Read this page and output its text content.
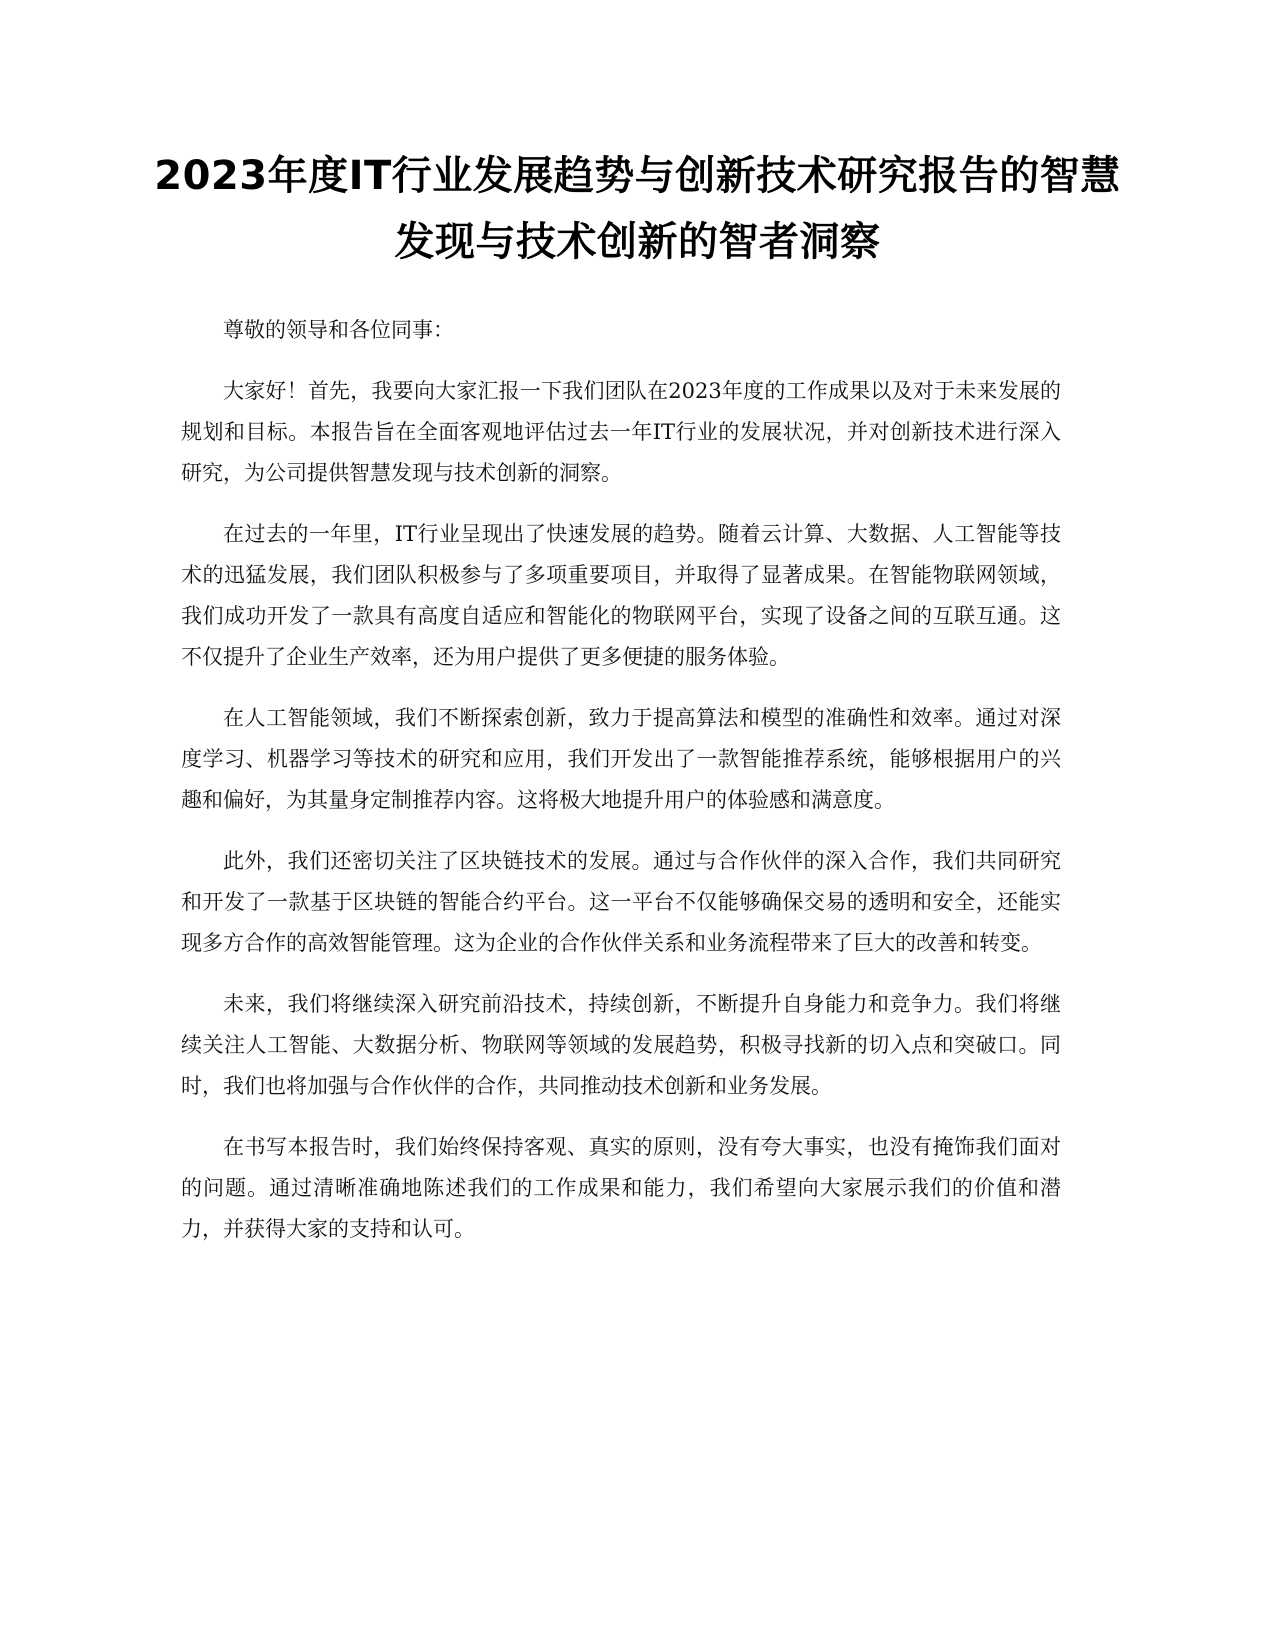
2023年度IT行业发展趋势与创新技术研究报告的智慧发现与技术创新的智者洞察

尊敬的领导和各位同事：

大家好！首先，我要向大家汇报一下我们团队在2023年度的工作成果以及对于未来发展的规划和目标。本报告旨在全面客观地评估过去一年IT行业的发展状况，并对创新技术进行深入研究，为公司提供智慧发现与技术创新的洞察。

在过去的一年里，IT行业呈现出了快速发展的趋势。随着云计算、大数据、人工智能等技术的迅猛发展，我们团队积极参与了多项重要项目，并取得了显著成果。在智能物联网领域，我们成功开发了一款具有高度自适应和智能化的物联网平台，实现了设备之间的互联互通。这不仅提升了企业生产效率，还为用户提供了更多便捷的服务体验。

在人工智能领域，我们不断探索创新，致力于提高算法和模型的准确性和效率。通过对深度学习、机器学习等技术的研究和应用，我们开发出了一款智能推荐系统，能够根据用户的兴趣和偏好，为其量身定制推荐内容。这将极大地提升用户的体验感和满意度。

此外，我们还密切关注了区块链技术的发展。通过与合作伙伴的深入合作，我们共同研究和开发了一款基于区块链的智能合约平台。这一平台不仅能够确保交易的透明和安全，还能实现多方合作的高效智能管理。这为企业的合作伙伴关系和业务流程带来了巨大的改善和转变。

未来，我们将继续深入研究前沿技术，持续创新，不断提升自身能力和竞争力。我们将继续关注人工智能、大数据分析、物联网等领域的发展趋势，积极寻找新的切入点和突破口。同时，我们也将加强与合作伙伴的合作，共同推动技术创新和业务发展。

在书写本报告时，我们始终保持客观、真实的原则，没有夸大事实，也没有掩饰我们面对的问题。通过清晰准确地陈述我们的工作成果和能力，我们希望向大家展示我们的价值和潜力，并获得大家的支持和认可。
